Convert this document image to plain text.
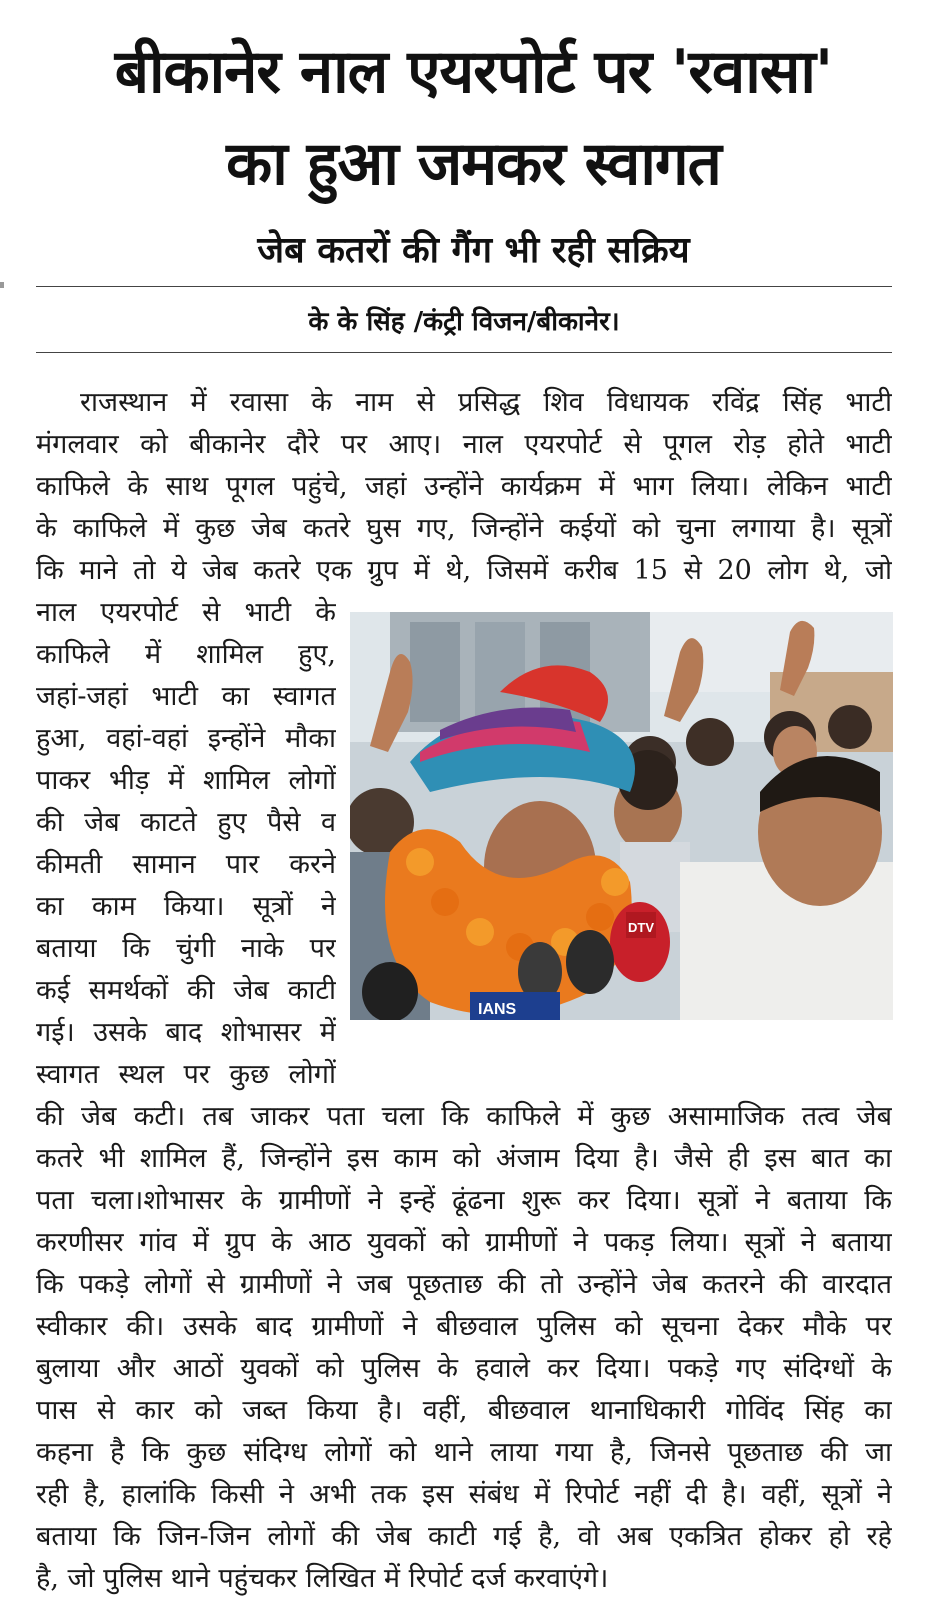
बीकानेर नाल एयरपोर्ट पर 'रवासा'
का हुआ जमकर स्वागत
जेब कतरों की गैंग भी रही सक्रिय
के के सिंह /कंट्री विजन/बीकानेर।
राजस्थान में रवासा के नाम से प्रसिद्ध शिव विधायक रविंद्र सिंह भाटी
मंगलवार को बीकानेर दौरे पर आए। नाल एयरपोर्ट से पूगल रोड़ होते भाटी
काफिले के साथ पूगल पहुंचे, जहां उन्होंने कार्यक्रम में भाग लिया। लेकिन भाटी
के काफिले में कुछ जेब कतरे घुस गए, जिन्होंने कईयों को चुना लगाया है। सूत्रों
कि माने तो ये जेब कतरे एक ग्रुप में थे, जिसमें करीब 15 से 20 लोग थे, जो
नाल एयरपोर्ट से भाटी के
काफिले में शामिल हुए,
जहां-जहां भाटी का स्वागत
हुआ, वहां-वहां इन्होंने मौका
पाकर भीड़ में शामिल लोगों
की जेब काटते हुए पैसे व
कीमती सामान पार करने
का काम किया। सूत्रों ने
बताया कि चुंगी नाके पर
कई समर्थकों की जेब काटी
गई। उसके बाद शोभासर में
स्वागत स्थल पर कुछ लोगों
की जेब कटी। तब जाकर पता चला कि काफिले में कुछ असामाजिक तत्व जेब
कतरे भी शामिल हैं, जिन्होंने इस काम को अंजाम दिया है। जैसे ही इस बात का
पता चला।शोभासर के ग्रामीणों ने इन्हें ढूंढना शुरू कर दिया। सूत्रों ने बताया कि
करणीसर गांव में ग्रुप के आठ युवकों को ग्रामीणों ने पकड़ लिया। सूत्रों ने बताया
कि पकड़े लोगों से ग्रामीणों ने जब पूछताछ की तो उन्होंने जेब कतरने की वारदात
स्वीकार की। उसके बाद ग्रामीणों ने बीछवाल पुलिस को सूचना देकर मौके पर
बुलाया और आठों युवकों को पुलिस के हवाले कर दिया। पकड़े गए संदिग्धों के
पास से कार को जब्त किया है। वहीं, बीछवाल थानाधिकारी गोविंद सिंह का
कहना है कि कुछ संदिग्ध लोगों को थाने लाया गया है, जिनसे पूछताछ की जा
रही है, हालांकि किसी ने अभी तक इस संबंध में रिपोर्ट नहीं दी है। वहीं, सूत्रों ने
बताया कि जिन-जिन लोगों की जेब काटी गई है, वो अब एकत्रित होकर हो रहे
है, जो पुलिस थाने पहुंचकर लिखित में रिपोर्ट दर्ज करवाएंगे।
DTV
IANS
